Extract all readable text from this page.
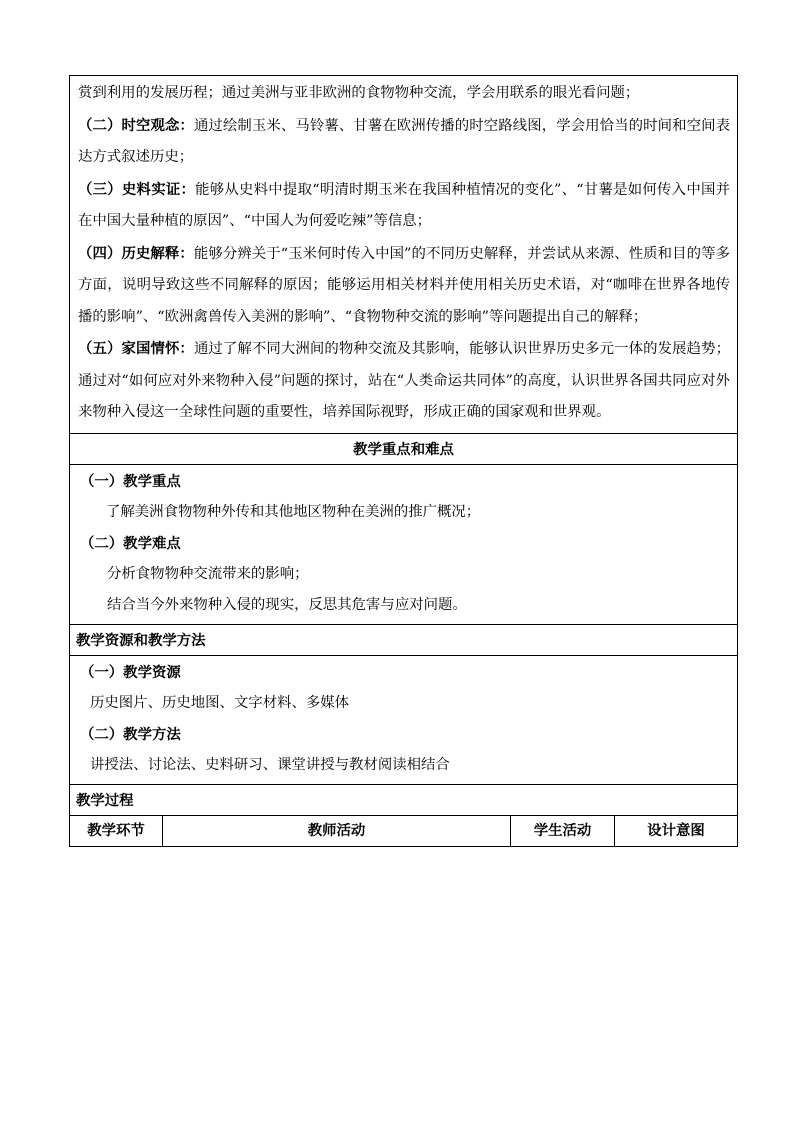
赏到利用的发展历程；通过美洲与亚非欧洲的食物物种交流，学会用联系的眼光看问题；

（二）时空观念：通过绘制玉米、马铃薯、甘薯在欧洲传播的时空路线图，学会用恰当的时间和空间表达方式叙述历史；

（三）史料实证：能够从史料中提取“明清时期玉米在我国种植情况的变化”、“甘薯是如何传入中国并在中国大量种植的原因”、“中国人为何爱吃辣”等信息；

（四）历史解释：能够分辨关于“玉米何时传入中国”的不同历史解释，并尝试从来源、性质和目的等多方面，说明导致这些不同解释的原因；能够运用相关材料并使用相关历史术语，对“咖啡在世界各地传播的影响”、“欧洲禽兽传入美洲的影响”、“食物物种交流的影响”等问题提出自己的解释；

（五）家国情怀：通过了解不同大洲间的物种交流及其影响，能够认识世界历史多元一体的发展趋势；通过对“如何应对外来物种入侵”问题的探讨，站在“人类命运共同体”的高度，认识世界各国共同应对外来物种入侵这一全球性问题的重要性，培养国际视野，形成正确的国家观和世界观。

教学重点和难点
（一）教学重点
了解美洲食物物种外传和其他地区物种在美洲的推广概况；
（二）教学难点
分析食物物种交流带来的影响；
结合当今外来物种入侵的现实，反思其危害与应对问题。
教学资源和教学方法
（一）教学资源
历史图片、历史地图、文字材料、多媒体
（二）教学方法
讲授法、讨论法、史料研习、课堂讲授与教材阅读相结合
教学过程
教学环节	教师活动	学生活动	设计意图
